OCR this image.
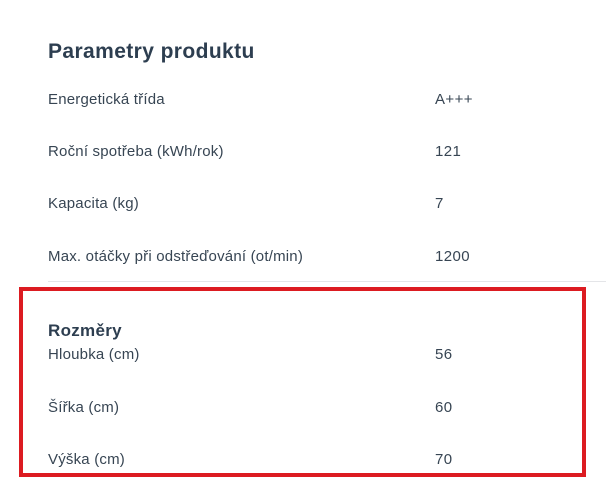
Parametry produktu
Energetická třída	A+++
Roční spotřeba (kWh/rok)	121
Kapacita (kg)	7
Max. otáčky při odstřeďování (ot/min)	1200
Rozměry
Hloubka (cm)	56
Šířka (cm)	60
Výška (cm)	70
